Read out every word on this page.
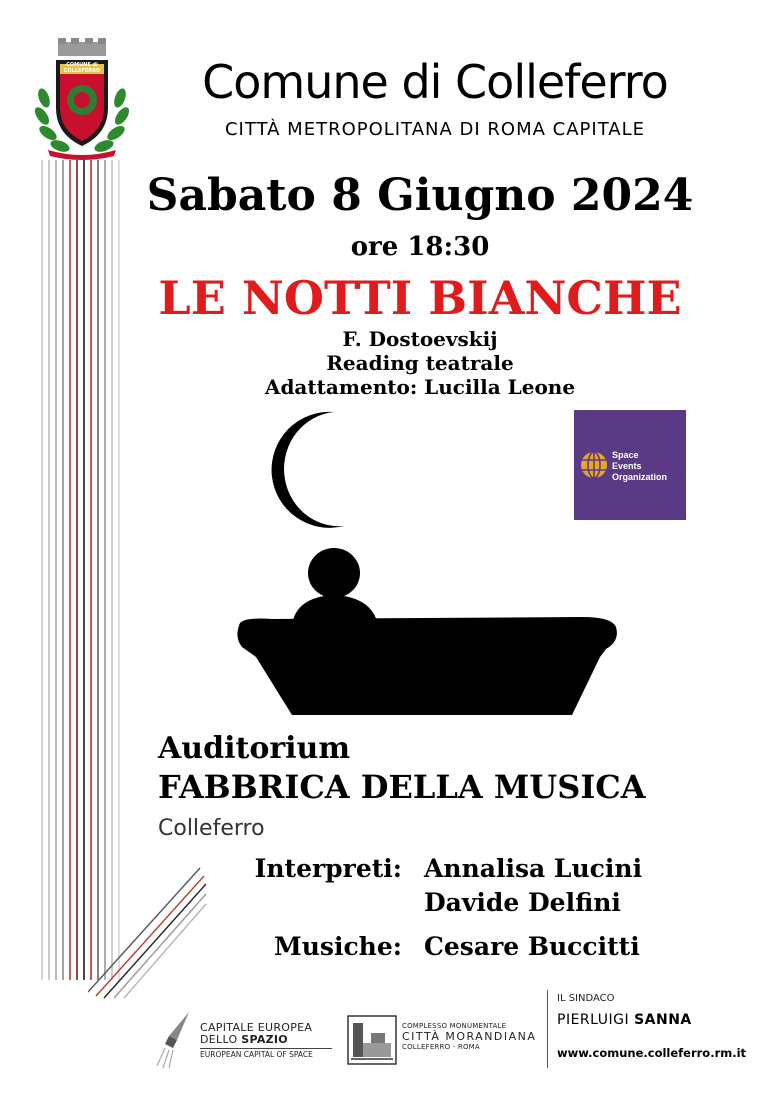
COMUNE di COLLEFERRO	Comune di Colleferro
CITTÀ METROPOLITANA DI ROMA CAPITALE
Sabato 8 Giugno 2024
ore 18:30
LE NOTTI BIANCHE
F. Dostoevskij
Reading teatrale
Adattamento: Lucilla Leone
Space
Events
Organization
Auditorium
FABBRICA DELLA MUSICA
Colleferro
Interpreti: Annalisa Lucini
Davide Delfini
Musiche: Cesare Buccitti
CAPITALE EUROPEA
DELLO SPAZIO
EUROPEAN CAPITAL OF SPACE
COMPLESSO MONUMENTALE
CITTÀ MORANDIANA
COLLEFERRO - ROMA
IL SINDACO
PIERLUIGI SANNA
www.comune.colleferro.rm.it
